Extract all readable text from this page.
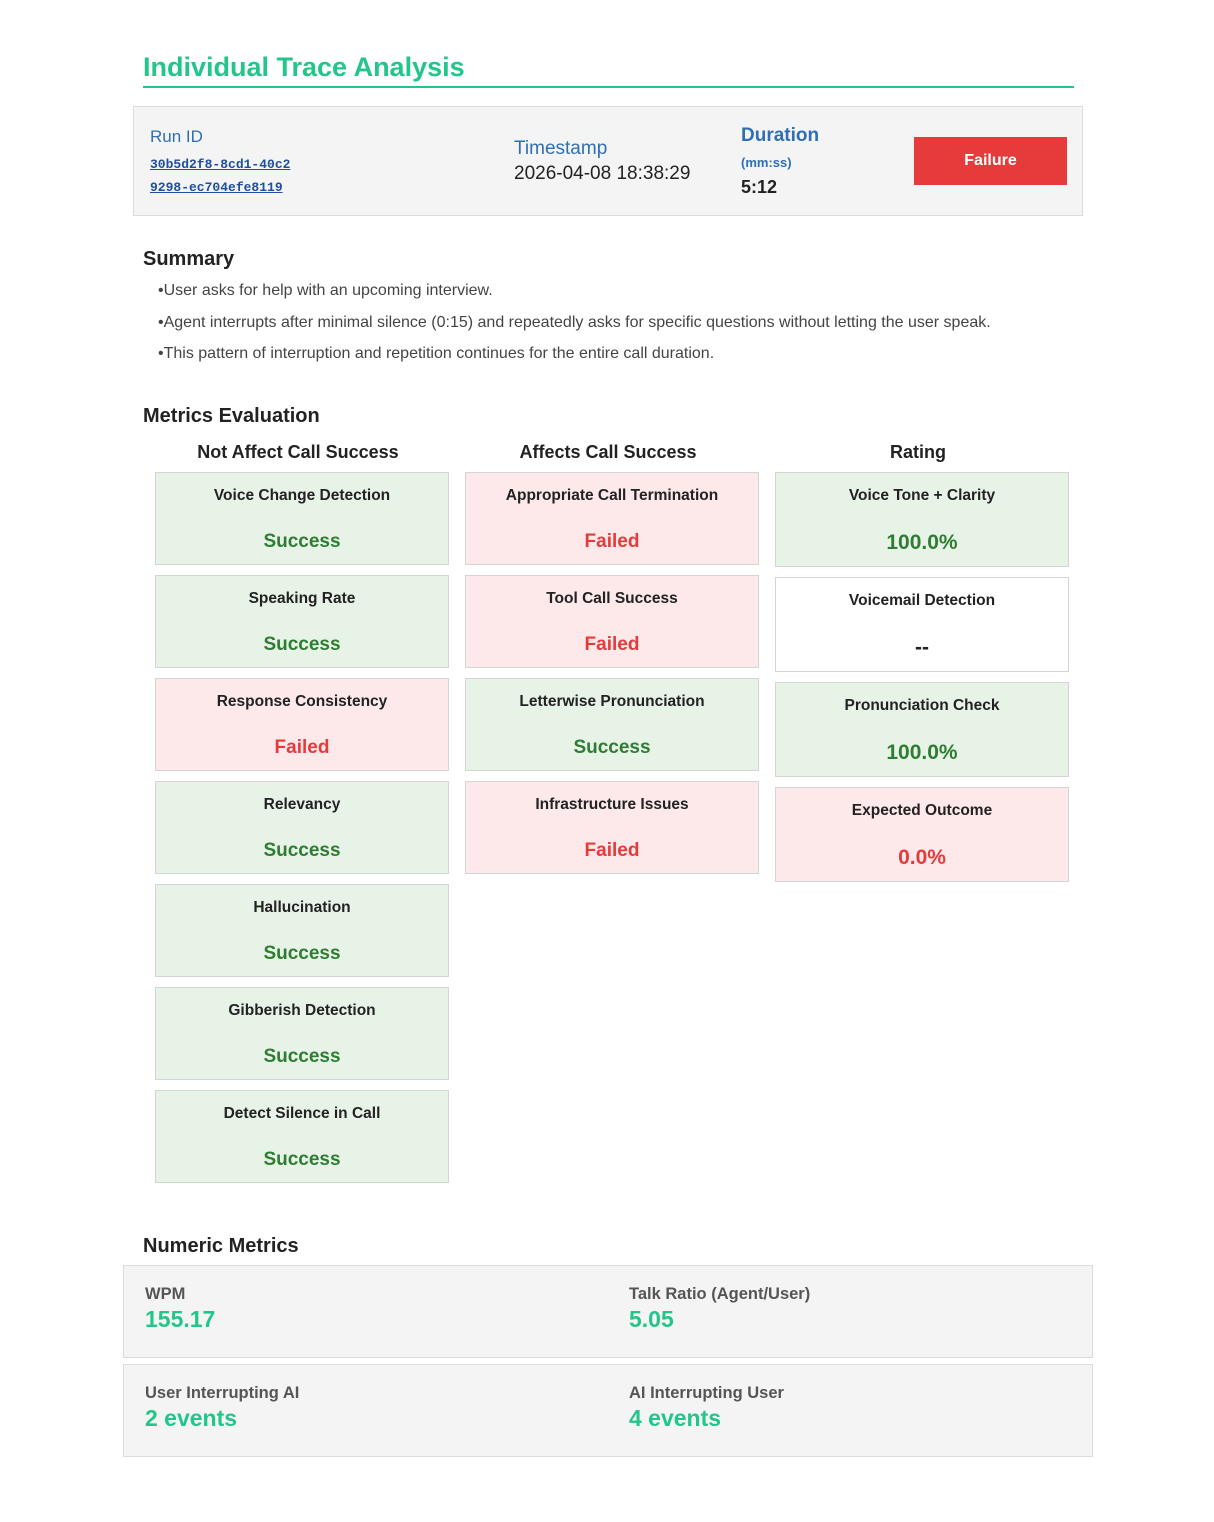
Individual Trace Analysis
Run ID
30b5d2f8-8cd1-40c2
9298-ec704efe8119
Timestamp
2026-04-08 18:38:29
Duration
(mm:ss)
5:12
Failure
Summary
•User asks for help with an upcoming interview.
•Agent interrupts after minimal silence (0:15) and repeatedly asks for specific questions without letting the user speak.
•This pattern of interruption and repetition continues for the entire call duration.
Metrics Evaluation
Not Affect Call Success	Affects Call Success	Rating
Voice Change Detection
Success
Speaking Rate
Success
Response Consistency
Failed
Relevancy
Success
Hallucination
Success
Gibberish Detection
Success
Detect Silence in Call
Success
Appropriate Call Termination
Failed
Tool Call Success
Failed
Letterwise Pronunciation
Success
Infrastructure Issues
Failed
Voice Tone + Clarity
100.0%
Voicemail Detection
--
Pronunciation Check
100.0%
Expected Outcome
0.0%
Numeric Metrics
WPM
155.17
Talk Ratio (Agent/User)
5.05
User Interrupting AI
2 events
AI Interrupting User
4 events
